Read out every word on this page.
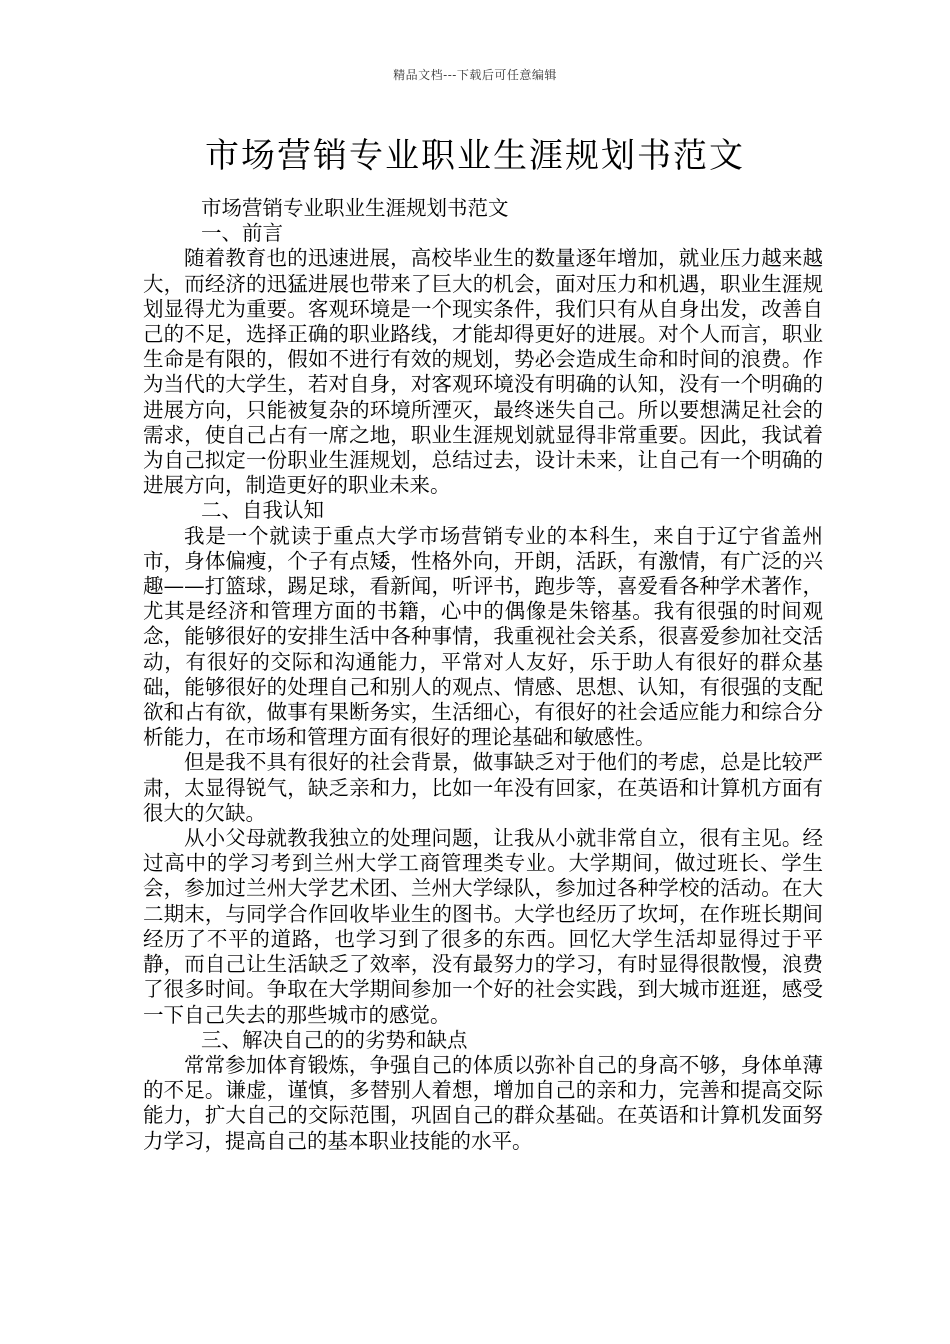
精品文档---下载后可任意编辑
市场营销专业职业生涯规划书范文

市场营销专业职业生涯规划书范文

一、前言

随着教育也的迅速进展，高校毕业生的数量逐年增加，就业压力越来越大，而经济的迅猛进展也带来了巨大的机会，面对压力和机遇，职业生涯规划显得尤为重要。客观环境是一个现实条件，我们只有从自身出发，改善自己的不足，选择正确的职业路线，才能却得更好的进展。对个人而言，职业生命是有限的，假如不进行有效的规划，势必会造成生命和时间的浪费。作为当代的大学生，若对自身，对客观环境没有明确的认知，没有一个明确的进展方向，只能被复杂的环境所湮灭，最终迷失自己。所以要想满足社会的需求，使自己占有一席之地，职业生涯规划就显得非常重要。因此，我试着为自己拟定一份职业生涯规划，总结过去，设计未来，让自己有一个明确的进展方向，制造更好的职业未来。

二、自我认知

我是一个就读于重点大学市场营销专业的本科生，来自于辽宁省盖州市，身体偏瘦，个子有点矮，性格外向，开朗，活跃，有激情，有广泛的兴趣——打篮球，踢足球，看新闻，听评书，跑步等，喜爱看各种学术著作，尤其是经济和管理方面的书籍，心中的偶像是朱镕基。我有很强的时间观念，能够很好的安排生活中各种事情，我重视社会关系，很喜爱参加社交活动，有很好的交际和沟通能力，平常对人友好，乐于助人有很好的群众基础，能够很好的处理自己和别人的观点、情感、思想、认知，有很强的支配欲和占有欲，做事有果断务实，生活细心，有很好的社会适应能力和综合分析能力，在市场和管理方面有很好的理论基础和敏感性。

但是我不具有很好的社会背景，做事缺乏对于他们的考虑，总是比较严肃，太显得锐气，缺乏亲和力，比如一年没有回家，在英语和计算机方面有很大的欠缺。

从小父母就教我独立的处理问题，让我从小就非常自立，很有主见。经过高中的学习考到兰州大学工商管理类专业。大学期间，做过班长、学生会，参加过兰州大学艺术团、兰州大学绿队，参加过各种学校的活动。在大二期末，与同学合作回收毕业生的图书。大学也经历了坎坷，在作班长期间经历了不平的道路，也学习到了很多的东西。回忆大学生活却显得过于平静，而自己让生活缺乏了效率，没有最努力的学习，有时显得很散慢，浪费了很多时间。争取在大学期间参加一个好的社会实践，到大城市逛逛，感受一下自己失去的那些城市的感觉。

三、解决自己的的劣势和缺点

常常参加体育锻炼，争强自己的体质以弥补自己的身高不够，身体单薄的不足。谦虚，谨慎，多替别人着想，增加自己的亲和力，完善和提高交际能力，扩大自己的交际范围，巩固自己的群众基础。在英语和计算机发面努力学习，提高自己的基本职业技能的水平。
